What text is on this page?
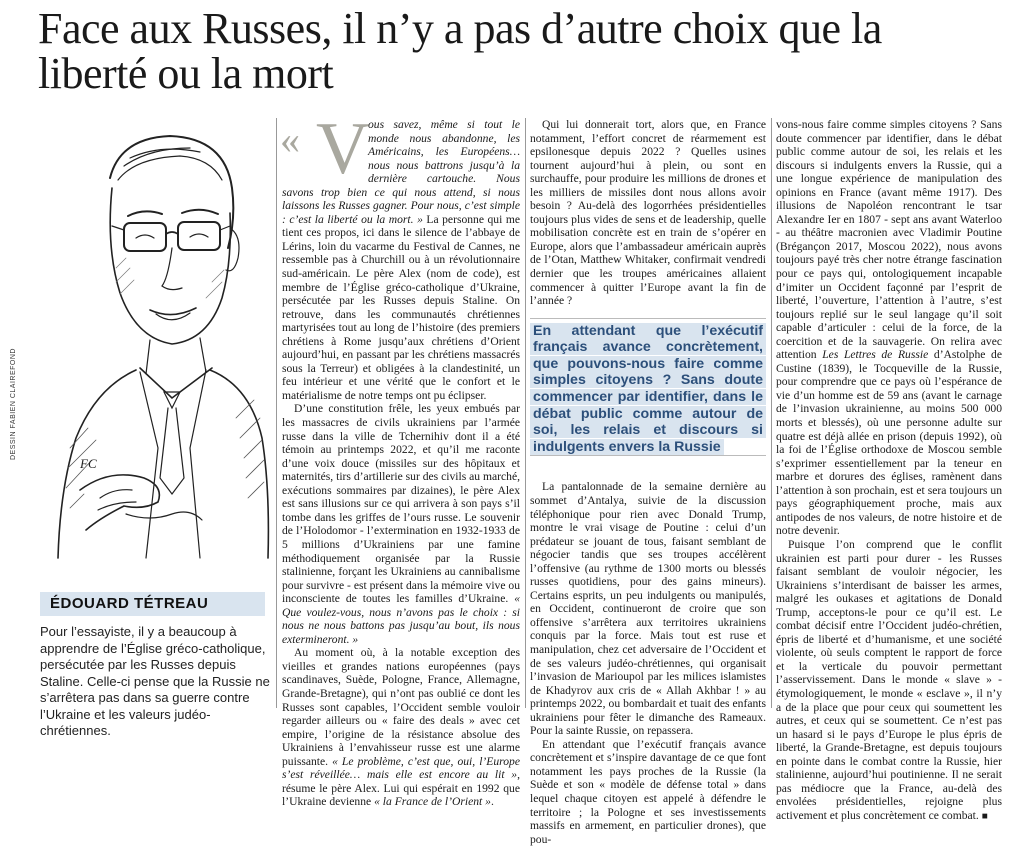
Face aux Russes, il n’y a pas d’autre choix que la liberté ou la mort
FC
DESSIN FABIEN CLAIREFOND
ÉDOUARD TÉTREAU
Pour l’essayiste, il y a beaucoup à apprendre de l’Église gréco-catholique, persécutée par les Russes depuis Staline. Celle-ci pense que la Russie ne s’arrêtera pas dans sa guerre contre l’Ukraine et les valeurs judéo-chrétiennes.
« V

ous savez, même si tout le monde nous abandonne, les Américains, les Européens… nous nous battrons jusqu’à la dernière cartouche. Nous savons trop bien ce qui nous attend, si nous laissons les Russes gagner. Pour nous, c’est simple : c’est la liberté ou la mort. » La personne qui me tient ces propos, ici dans le silence de l’abbaye de Lérins, loin du vacarme du Festival de Cannes, ne ressemble pas à Churchill ou à un révolutionnaire sud-américain. Le père Alex (nom de code), est membre de l’Église gréco-catholique d’Ukraine, persécutée par les Russes depuis Staline. On retrouve, dans les communautés chrétiennes martyrisées tout au long de l’histoire (des premiers chrétiens à Rome jusqu’aux chrétiens d’Orient aujourd’hui, en passant par les chrétiens massacrés sous la Terreur) et obligées à la clandestinité, un feu intérieur et une vérité que le confort et le matérialisme de notre temps ont pu éclipser.

D’une constitution frêle, les yeux embués par les massacres de civils ukrainiens par l’armée russe dans la ville de Tchernihiv dont il a été témoin au printemps 2022, et qu’il me raconte d’une voix douce (missiles sur des hôpitaux et maternités, tirs d’artillerie sur des civils au marché, exécutions sommaires par dizaines), le père Alex est sans illusions sur ce qui arrivera à son pays s’il tombe dans les griffes de l’ours russe. Le souvenir de l’Holodomor - l’extermination en 1932-1933 de 5 millions d’Ukrainiens par une famine méthodiquement organisée par la Russie stalinienne, forçant les Ukrainiens au cannibalisme pour survivre - est présent dans la mémoire vive ou inconsciente de toutes les familles d’Ukraine. « Que voulez-vous, nous n’avons pas le choix : si nous ne nous battons pas jusqu’au bout, ils nous extermineront. »

Au moment où, à la notable exception des vieilles et grandes nations européennes (pays scandinaves, Suède, Pologne, France, Allemagne, Grande-Bretagne), qui n’ont pas oublié ce dont les Russes sont capables, l’Occident semble vouloir regarder ailleurs ou « faire des deals » avec cet empire, l’origine de la résistance absolue des Ukrainiens à l’envahisseur russe est une alarme puissante. « Le problème, c’est que, oui, l’Europe s’est réveillée… mais elle est encore au lit », résume le père Alex. Lui qui espérait en 1992 que l’Ukraine devienne « la France de l’Orient ».

Qui lui donnerait tort, alors que, en France notamment, l’effort concret de réarmement est epsilonesque depuis 2022 ? Quelles usines tournent aujourd’hui à plein, ou sont en surchauffe, pour produire les millions de drones et les milliers de missiles dont nous allons avoir besoin ? Au-delà des logorrhées présidentielles toujours plus vides de sens et de leadership, quelle mobilisation concrète est en train de s’opérer en Europe, alors que l’ambassadeur américain auprès de l’Otan, Matthew Whitaker, confirmait vendredi dernier que les troupes américaines allaient commencer à quitter l’Europe avant la fin de l’année ?

En attendant que l’exécutif français avance concrètement, que pouvons-nous faire comme simples citoyens ? Sans doute commencer par identifier, dans le débat public comme autour de soi, les relais et discours si indulgents envers la Russie

La pantalonnade de la semaine dernière au sommet d’Antalya, suivie de la discussion téléphonique pour rien avec Donald Trump, montre le vrai visage de Poutine : celui d’un prédateur se jouant de tous, faisant semblant de négocier tandis que ses troupes accélèrent l’offensive (au rythme de 1300 morts ou blessés russes quotidiens, pour des gains mineurs). Certains esprits, un peu indulgents ou manipulés, en Occident, continueront de croire que son offensive s’arrêtera aux territoires ukrainiens conquis par la force. Mais tout est ruse et manipulation, chez cet adversaire de l’Occident et de ses valeurs judéo-chrétiennes, qui organisait l’invasion de Marioupol par les milices islamistes de Khadyrov aux cris de « Allah Akhbar ! » au printemps 2022, ou bombardait et tuait des enfants ukrainiens pour fêter le dimanche des Rameaux. Pour la sainte Russie, on repassera.

En attendant que l’exécutif français avance concrètement et s’inspire davantage de ce que font notamment les pays proches de la Russie (la Suède et son « modèle de défense total » dans lequel chaque citoyen est appelé à défendre le territoire ; la Pologne et ses investissements massifs en armement, en particulier drones), que pou-

vons-nous faire comme simples citoyens ? Sans doute commencer par identifier, dans le débat public comme autour de soi, les relais et les discours si indulgents envers la Russie, qui a une longue expérience de manipulation des opinions en France (avant même 1917). Des illusions de Napoléon rencontrant le tsar Alexandre Ier en 1807 - sept ans avant Waterloo - au théâtre macronien avec Vladimir Poutine (Brégançon 2017, Moscou 2022), nous avons toujours payé très cher notre étrange fascination pour ce pays qui, ontologiquement incapable d’imiter un Occident façonné par l’esprit de liberté, l’ouverture, l’attention à l’autre, s’est toujours replié sur le seul langage qu’il soit capable d’articuler : celui de la force, de la coercition et de la sauvagerie. On relira avec attention Les Lettres de Russie d’Astolphe de Custine (1839), le Tocqueville de la Russie, pour comprendre que ce pays où l’espérance de vie d’un homme est de 59 ans (avant le carnage de l’invasion ukrainienne, au moins 500 000 morts et blessés), où une personne adulte sur quatre est déjà allée en prison (depuis 1992), où la foi de l’Église orthodoxe de Moscou semble s’exprimer essentiellement par la teneur en marbre et dorures des églises, ramènent dans l’attention à son prochain, est et sera toujours un pays géographiquement proche, mais aux antipodes de nos valeurs, de notre histoire et de notre devenir.

Puisque l’on comprend que le conflit ukrainien est parti pour durer - les Russes faisant semblant de vouloir négocier, les Ukrainiens s’interdisant de baisser les armes, malgré les oukases et agitations de Donald Trump, acceptons-le pour ce qu’il est. Le combat décisif entre l’Occident judéo-chrétien, épris de liberté et d’humanisme, et une société violente, où seuls comptent le rapport de force et la verticale du pouvoir permettant l’asservissement. Dans le monde « slave » - étymologiquement, le monde « esclave », il n’y a de la place que pour ceux qui soumettent les autres, et ceux qui se soumettent. Ce n’est pas un hasard si le pays d’Europe le plus épris de liberté, la Grande-Bretagne, est depuis toujours en pointe dans le combat contre la Russie, hier stalinienne, aujourd’hui poutinienne. Il ne serait pas médiocre que la France, au-delà des envolées présidentielles, rejoigne plus activement et plus concrètement ce combat. ■
